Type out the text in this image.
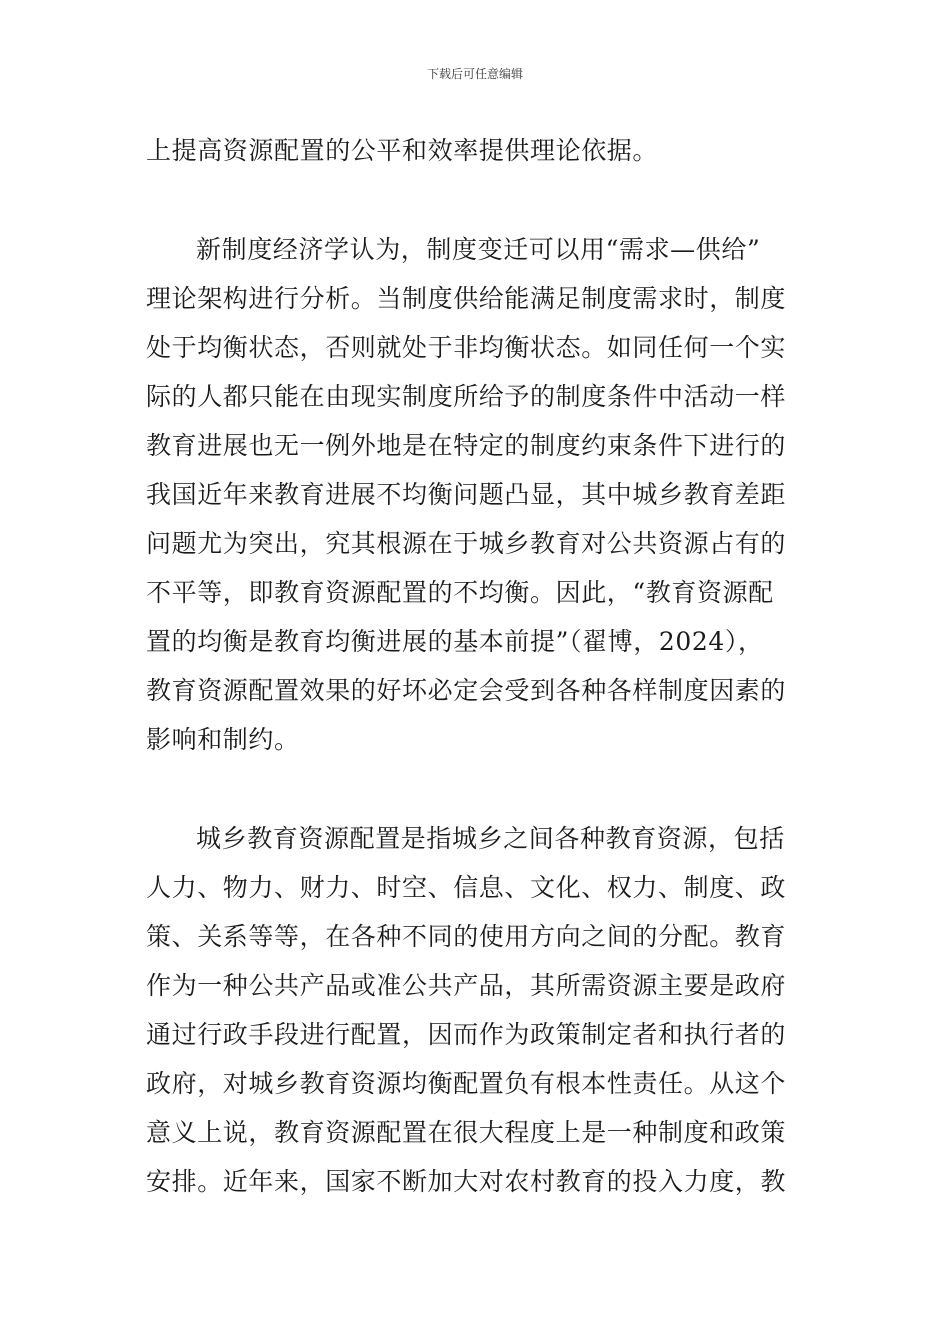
下载后可任意编辑
上提高资源配置的公平和效率提供理论依据。
新制度经济学认为，制度变迁可以用“需求—供给”
理论架构进行分析。当制度供给能满足制度需求时，制度
处于均衡状态，否则就处于非均衡状态。如同任何一个实
际的人都只能在由现实制度所给予的制度条件中活动一样
教育进展也无一例外地是在特定的制度约束条件下进行的
我国近年来教育进展不均衡问题凸显，其中城乡教育差距
问题尤为突出，究其根源在于城乡教育对公共资源占有的
不平等，即教育资源配置的不均衡。因此，“教育资源配
置的均衡是教育均衡进展的基本前提”（翟博，2024），
教育资源配置效果的好坏必定会受到各种各样制度因素的
影响和制约。
城乡教育资源配置是指城乡之间各种教育资源，包括
人力、物力、财力、时空、信息、文化、权力、制度、政
策、关系等等，在各种不同的使用方向之间的分配。教育
作为一种公共产品或准公共产品，其所需资源主要是政府
通过行政手段进行配置，因而作为政策制定者和执行者的
政府，对城乡教育资源均衡配置负有根本性责任。从这个
意义上说，教育资源配置在很大程度上是一种制度和政策
安排。近年来，国家不断加大对农村教育的投入力度，教
